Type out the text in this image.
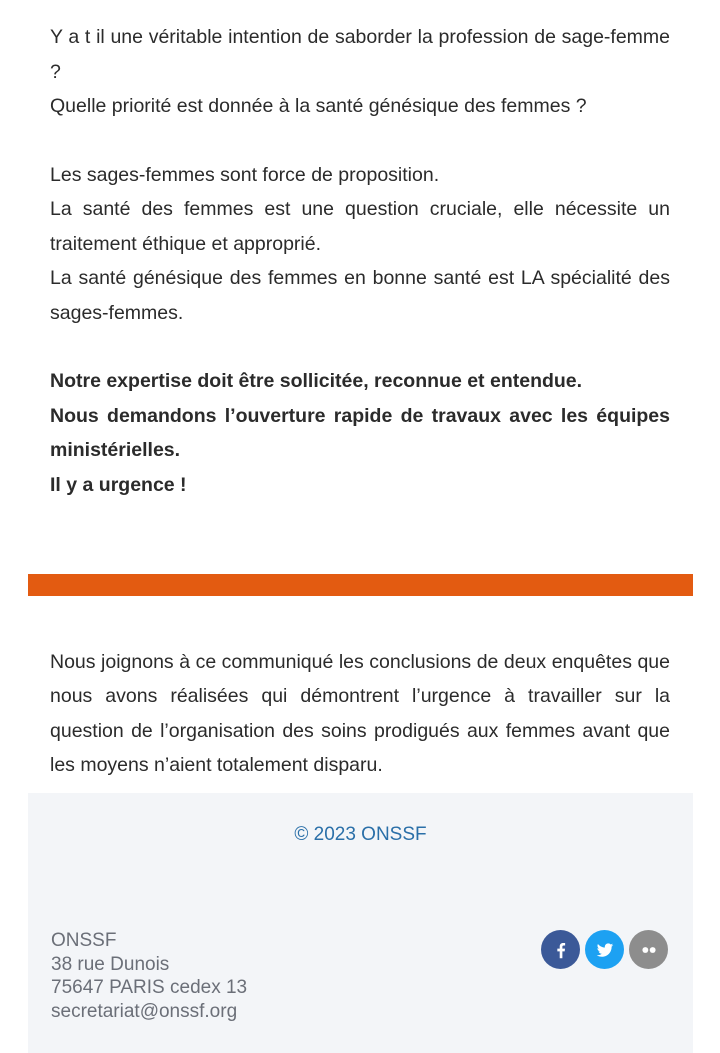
Y a t il une véritable intention de saborder la profession de sage-femme ?

Quelle priorité est donnée à la santé génésique des femmes ?

Les sages-femmes sont force de proposition.

La santé des femmes est une question cruciale, elle nécessite un traitement éthique et approprié.

La santé génésique des femmes en bonne santé est LA spécialité des sages-femmes.

Notre expertise doit être sollicitée, reconnue et entendue.

Nous demandons l’ouverture rapide de travaux avec les équipes ministérielles.

Il y a urgence !

Nous joignons à ce communiqué les conclusions de deux enquêtes que nous avons réalisées qui démontrent l’urgence à travailler sur la question de l’organisation des soins prodigués aux femmes avant que les moyens n’aient totalement disparu.

© 2023 ONSSF
ONSSF
38 rue Dunois
75647 PARIS cedex 13
secretariat@onssf.org
